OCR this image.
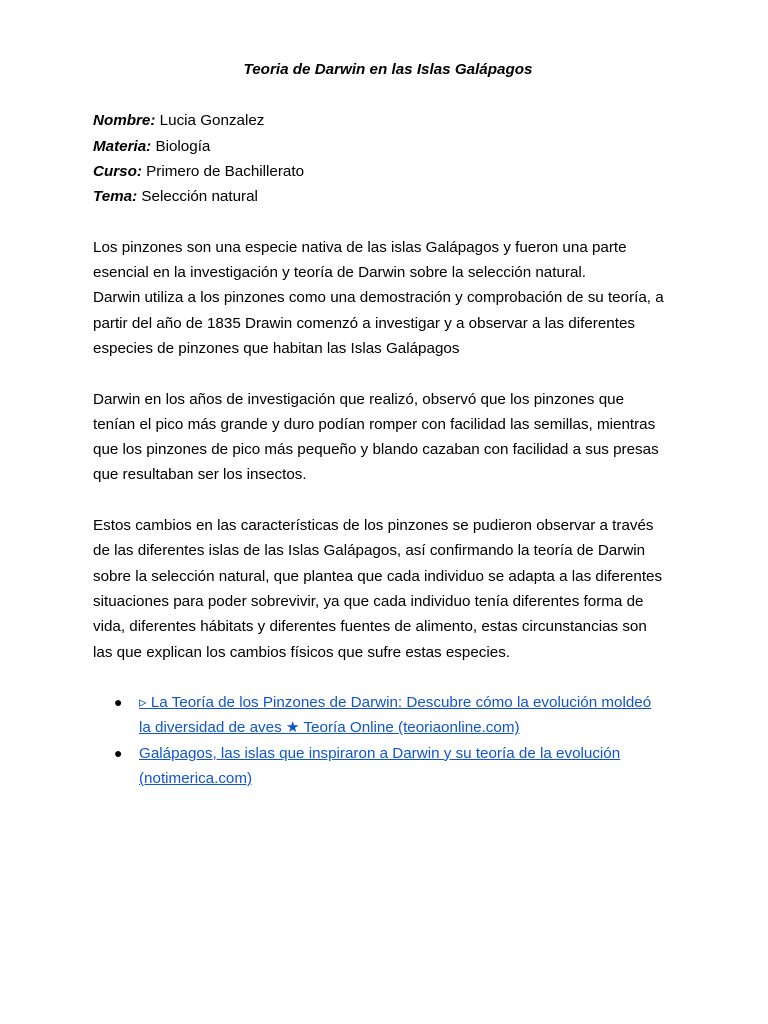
Teoria de Darwin en las Islas Galápagos

Nombre: Lucia Gonzalez

Materia: Biología

Curso: Primero de Bachillerato

Tema: Selección natural

Los pinzones son una especie nativa de las islas Galápagos y fueron una parte
esencial en la investigación y teoría de Darwin sobre la selección natural.
Darwin utiliza a los pinzones como una demostración y comprobación de su teoría, a
partir del año de 1835 Drawin comenzó a investigar y a observar a las diferentes
especies de pinzones que habitan las Islas Galápagos

Darwin en los años de investigación que realizó, observó que los pinzones que
tenían el pico más grande y duro podían romper con facilidad las semillas, mientras
que los pinzones de pico más pequeño y blando cazaban con facilidad a sus presas
que resultaban ser los insectos.

Estos cambios en las características de los pinzones se pudieron observar a través
de las diferentes islas de las Islas Galápagos, así confirmando la teoría de Darwin
sobre la selección natural, que plantea que cada individuo se adapta a las diferentes
situaciones para poder sobrevivir, ya que cada individuo tenía diferentes forma de
vida, diferentes hábitats y diferentes fuentes de alimento, estas circunstancias son
las que explican los cambios físicos que sufre estas especies.

● ▹ La Teoría de los Pinzones de Darwin: Descubre cómo la evolución moldeó
la diversidad de aves ★ Teoría Online (teoriaonline.com)
● Galápagos, las islas que inspiraron a Darwin y su teoría de la evolución
(notimerica.com)
